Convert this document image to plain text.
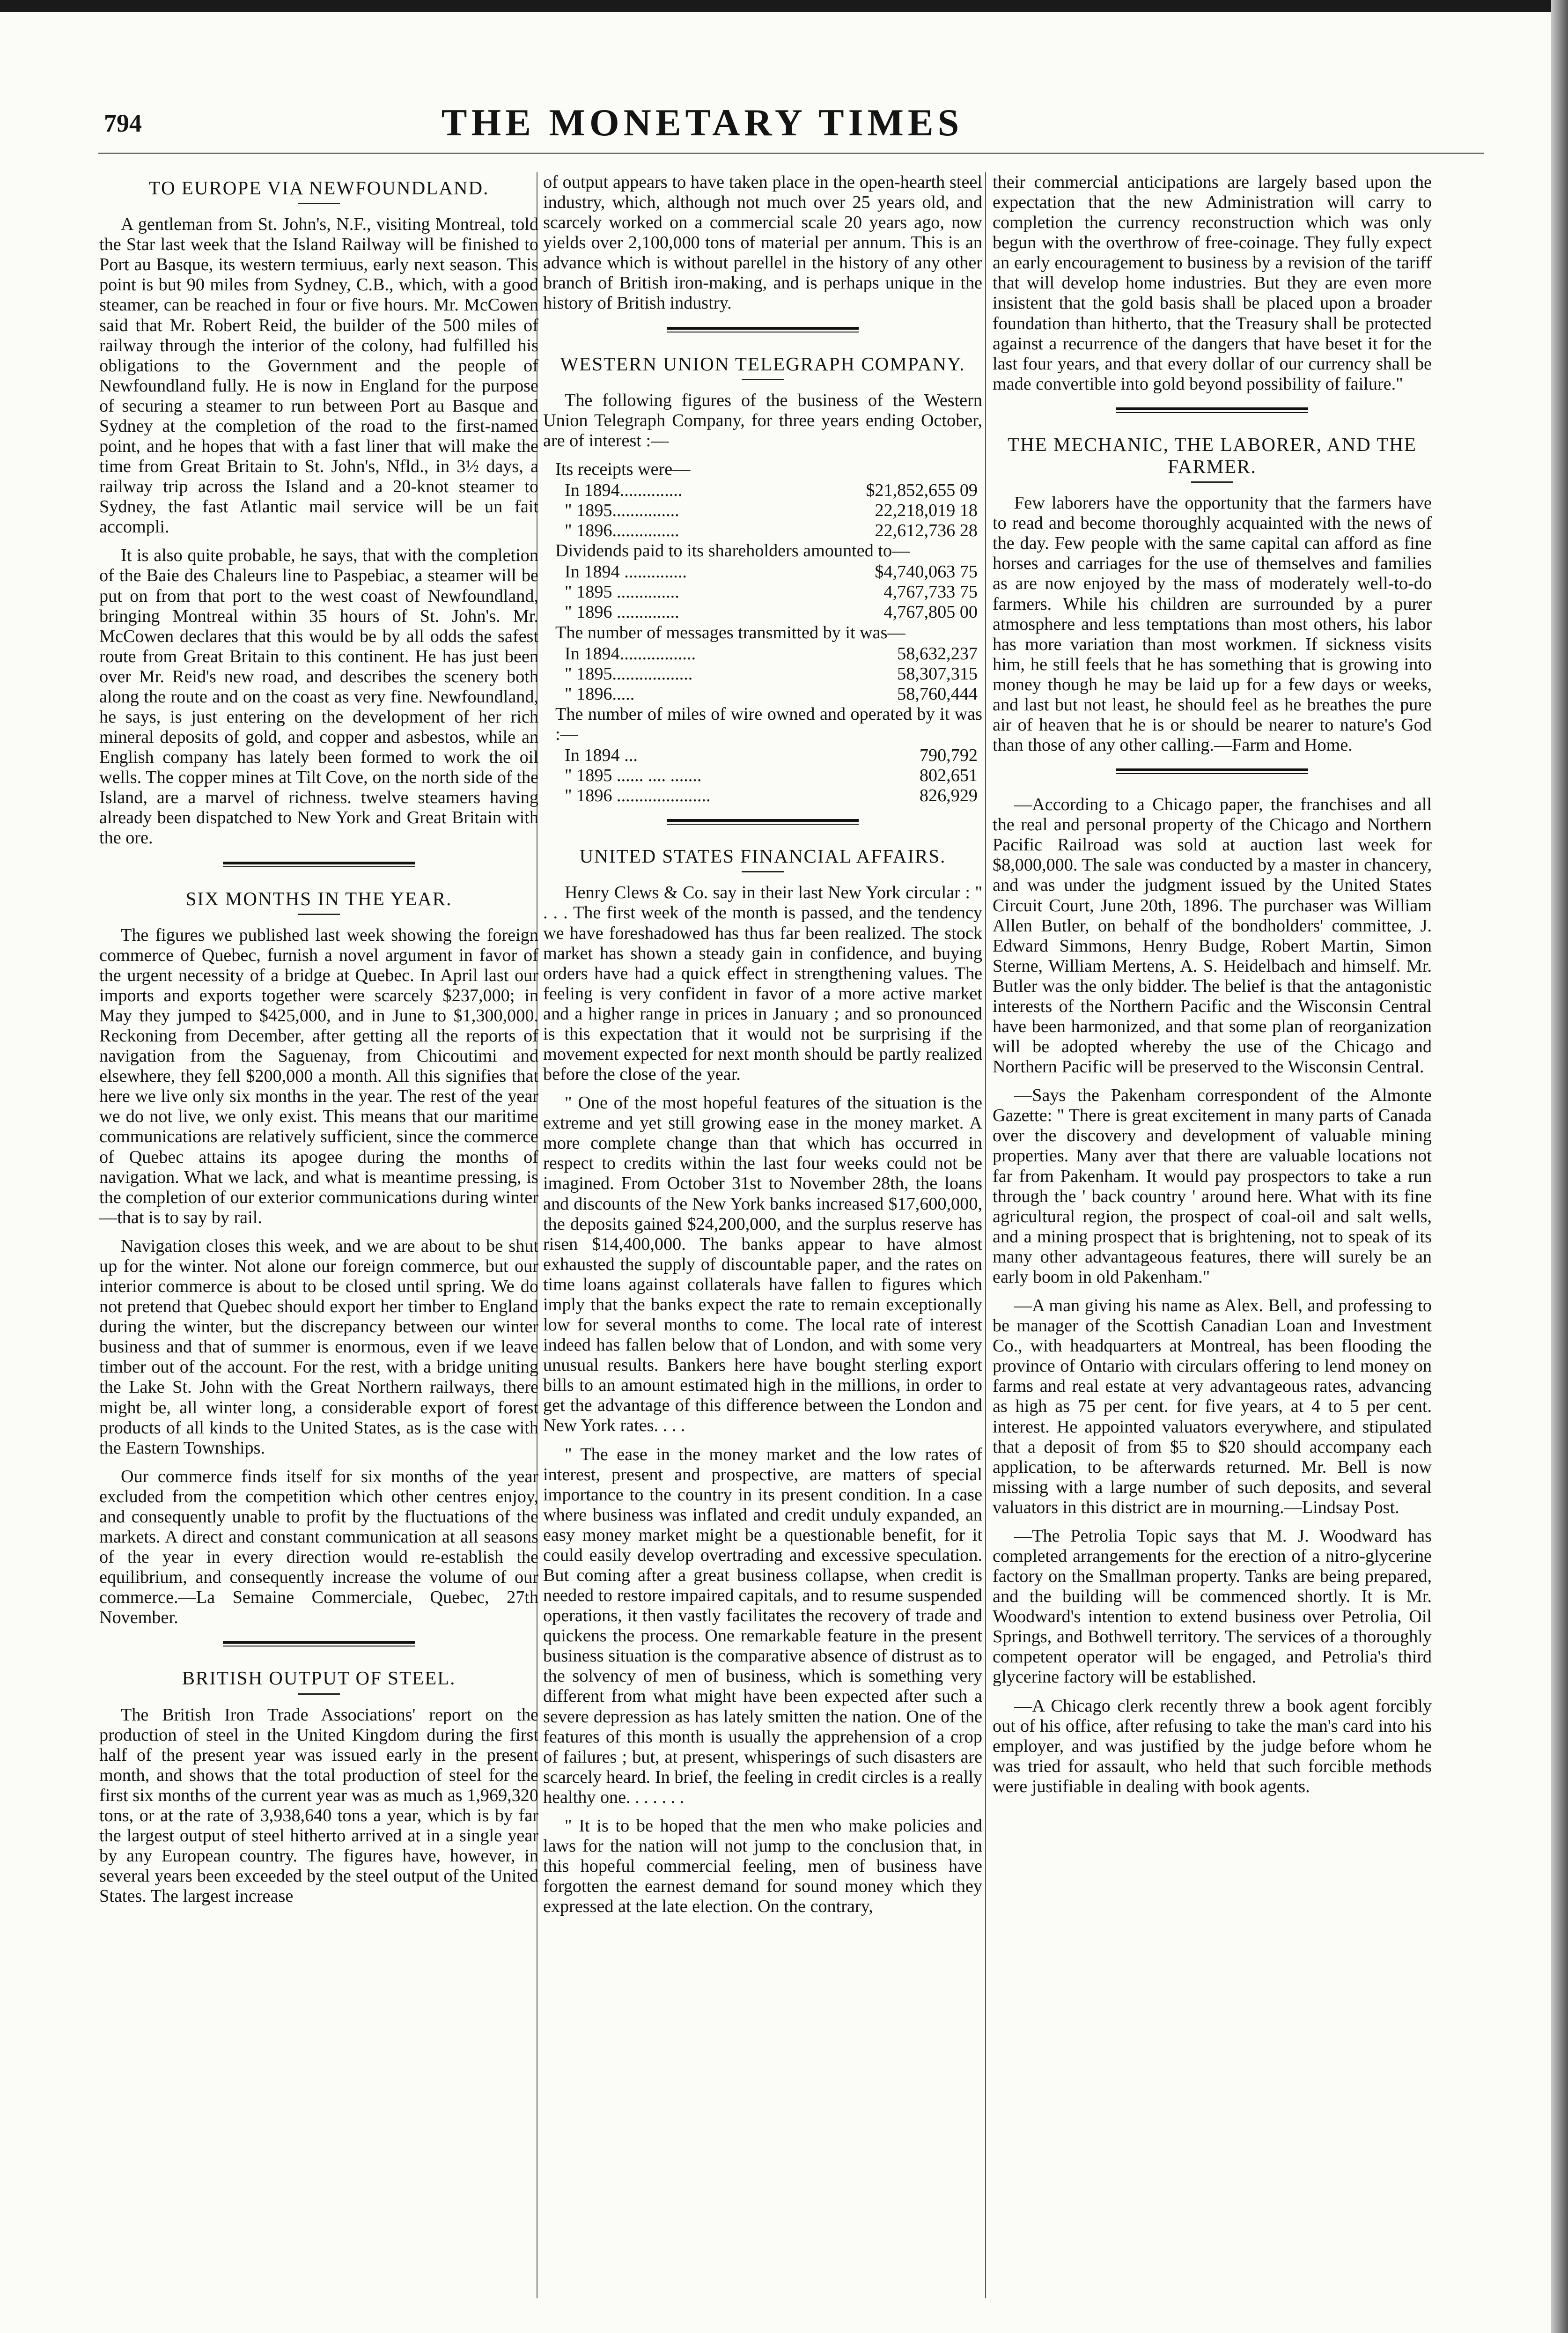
794	THE MONETARY TIMES
TO EUROPE VIA NEWFOUNDLAND.

A gentleman from St. John's, N.F., visiting Montreal, told the Star last week that the Island Railway will be finished to Port au Basque, its western termiuus, early next season. This point is but 90 miles from Sydney, C.B., which, with a good steamer, can be reached in four or five hours. Mr. McCowen said that Mr. Robert Reid, the builder of the 500 miles of railway through the interior of the colony, had fulfilled his obligations to the Government and the people of Newfoundland fully. He is now in England for the purpose of securing a steamer to run between Port au Basque and Sydney at the completion of the road to the first-named point, and he hopes that with a fast liner that will make the time from Great Britain to St. John's, Nfld., in 3½ days, a railway trip across the Island and a 20-knot steamer to Sydney, the fast Atlantic mail service will be un fait accompli.

It is also quite probable, he says, that with the completion of the Baie des Chaleurs line to Paspebiac, a steamer will be put on from that port to the west coast of Newfoundland, bringing Montreal within 35 hours of St. John's. Mr. McCowen declares that this would be by all odds the safest route from Great Britain to this continent. He has just been over Mr. Reid's new road, and describes the scenery both along the route and on the coast as very fine. Newfoundland, he says, is just entering on the development of her rich mineral deposits of gold, and copper and asbestos, while an English company has lately been formed to work the oil wells. The copper mines at Tilt Cove, on the north side of the Island, are a marvel of richness. twelve steamers having already been dispatched to New York and Great Britain with the ore.

SIX MONTHS IN THE YEAR.

The figures we published last week showing the foreign commerce of Quebec, furnish a novel argument in favor of the urgent necessity of a bridge at Quebec. In April last our imports and exports together were scarcely $237,000; in May they jumped to $425,000, and in June to $1,300,000. Reckoning from December, after getting all the reports of navigation from the Saguenay, from Chicoutimi and elsewhere, they fell $200,000 a month. All this signifies that here we live only six months in the year. The rest of the year we do not live, we only exist. This means that our maritime communications are relatively sufficient, since the commerce of Quebec attains its apogee during the months of navigation. What we lack, and what is meantime pressing, is the completion of our exterior communications during winter—that is to say by rail.

Navigation closes this week, and we are about to be shut up for the winter. Not alone our foreign commerce, but our interior commerce is about to be closed until spring. We do not pretend that Quebec should export her timber to England during the winter, but the discrepancy between our winter business and that of summer is enormous, even if we leave timber out of the account. For the rest, with a bridge uniting the Lake St. John with the Great Northern railways, there might be, all winter long, a considerable export of forest products of all kinds to the United States, as is the case with the Eastern Townships.

Our commerce finds itself for six months of the year excluded from the competition which other centres enjoy, and consequently unable to profit by the fluctuations of the markets. A direct and constant communication at all seasons of the year in every direction would re-establish the equilibrium, and consequently increase the volume of our commerce.—La Semaine Commerciale, Quebec, 27th November.

BRITISH OUTPUT OF STEEL.

The British Iron Trade Associations' report on the production of steel in the United Kingdom during the first half of the present year was issued early in the present month, and shows that the total production of steel for the first six months of the current year was as much as 1,969,320 tons, or at the rate of 3,938,640 tons a year, which is by far the largest output of steel hitherto arrived at in a single year by any European country. The figures have, however, in several years been exceeded by the steel output of the United States. The largest increase

of output appears to have taken place in the open-hearth steel industry, which, although not much over 25 years old, and scarcely worked on a commercial scale 20 years ago, now yields over 2,100,000 tons of material per annum. This is an advance which is without parellel in the history of any other branch of British iron-making, and is perhaps unique in the history of British industry.

WESTERN UNION TELEGRAPH COMPANY.

The following figures of the business of the Western Union Telegraph Company, for three years ending October, are of interest :—

Its receipts were—

In 1894..............	$21,852,655 09
" 1895...............	22,218,019 18
" 1896...............	22,612,736 28

Dividends paid to its shareholders amounted to—

In 1894 ..............	$4,740,063 75
" 1895 ..............	4,767,733 75
" 1896 ..............	4,767,805 00

The number of messages transmitted by it was—

In 1894.................	58,632,237
" 1895..................	58,307,315
" 1896.....	58,760,444

The number of miles of wire owned and operated by it was :—

In 1894 ...	790,792
" 1895 ...... .... .......	802,651
" 1896 .....................	826,929
UNITED STATES FINANCIAL AFFAIRS.

Henry Clews & Co. say in their last New York circular : " . . . The first week of the month is passed, and the tendency we have foreshadowed has thus far been realized. The stock market has shown a steady gain in confidence, and buying orders have had a quick effect in strengthening values. The feeling is very confident in favor of a more active market and a higher range in prices in January ; and so pronounced is this expectation that it would not be surprising if the movement expected for next month should be partly realized before the close of the year.

" One of the most hopeful features of the situation is the extreme and yet still growing ease in the money market. A more complete change than that which has occurred in respect to credits within the last four weeks could not be imagined. From October 31st to November 28th, the loans and discounts of the New York banks increased $17,600,000, the deposits gained $24,200,000, and the surplus reserve has risen $14,400,000. The banks appear to have almost exhausted the supply of discountable paper, and the rates on time loans against collaterals have fallen to figures which imply that the banks expect the rate to remain exceptionally low for several months to come. The local rate of interest indeed has fallen below that of London, and with some very unusual results. Bankers here have bought sterling export bills to an amount estimated high in the millions, in order to get the advantage of this difference between the London and New York rates. . . .

" The ease in the money market and the low rates of interest, present and prospective, are matters of special importance to the country in its present condition. In a case where business was inflated and credit unduly expanded, an easy money market might be a questionable benefit, for it could easily develop overtrading and excessive speculation. But coming after a great business collapse, when credit is needed to restore impaired capitals, and to resume suspended operations, it then vastly facilitates the recovery of trade and quickens the process. One remarkable feature in the present business situation is the comparative absence of distrust as to the solvency of men of business, which is something very different from what might have been expected after such a severe depression as has lately smitten the nation. One of the features of this month is usually the apprehension of a crop of failures ; but, at present, whisperings of such disasters are scarcely heard. In brief, the feeling in credit circles is a really healthy one. . . . . . .

" It is to be hoped that the men who make policies and laws for the nation will not jump to the conclusion that, in this hopeful commercial feeling, men of business have forgotten the earnest demand for sound money which they expressed at the late election. On the contrary,

their commercial anticipations are largely based upon the expectation that the new Administration will carry to completion the currency reconstruction which was only begun with the overthrow of free-coinage. They fully expect an early encouragement to business by a revision of the tariff that will develop home industries. But they are even more insistent that the gold basis shall be placed upon a broader foundation than hitherto, that the Treasury shall be protected against a recurrence of the dangers that have beset it for the last four years, and that every dollar of our currency shall be made convertible into gold beyond possibility of failure."

THE MECHANIC, THE LABORER, AND THE FARMER.

Few laborers have the opportunity that the farmers have to read and become thoroughly acquainted with the news of the day. Few people with the same capital can afford as fine horses and carriages for the use of themselves and families as are now enjoyed by the mass of moderately well-to-do farmers. While his children are surrounded by a purer atmosphere and less temptations than most others, his labor has more variation than most workmen. If sickness visits him, he still feels that he has something that is growing into money though he may be laid up for a few days or weeks, and last but not least, he should feel as he breathes the pure air of heaven that he is or should be nearer to nature's God than those of any other calling.—Farm and Home.

—According to a Chicago paper, the franchises and all the real and personal property of the Chicago and Northern Pacific Railroad was sold at auction last week for $8,000,000. The sale was conducted by a master in chancery, and was under the judgment issued by the United States Circuit Court, June 20th, 1896. The purchaser was William Allen Butler, on behalf of the bondholders' committee, J. Edward Simmons, Henry Budge, Robert Martin, Simon Sterne, William Mertens, A. S. Heidelbach and himself. Mr. Butler was the only bidder. The belief is that the antagonistic interests of the Northern Pacific and the Wisconsin Central have been harmonized, and that some plan of reorganization will be adopted whereby the use of the Chicago and Northern Pacific will be preserved to the Wisconsin Central.

—Says the Pakenham correspondent of the Almonte Gazette: " There is great excitement in many parts of Canada over the discovery and development of valuable mining properties. Many aver that there are valuable locations not far from Pakenham. It would pay prospectors to take a run through the ' back country ' around here. What with its fine agricultural region, the prospect of coal-oil and salt wells, and a mining prospect that is brightening, not to speak of its many other advantageous features, there will surely be an early boom in old Pakenham."

—A man giving his name as Alex. Bell, and professing to be manager of the Scottish Canadian Loan and Investment Co., with headquarters at Montreal, has been flooding the province of Ontario with circulars offering to lend money on farms and real estate at very advantageous rates, advancing as high as 75 per cent. for five years, at 4 to 5 per cent. interest. He appointed valuators everywhere, and stipulated that a deposit of from $5 to $20 should accompany each application, to be afterwards returned. Mr. Bell is now missing with a large number of such deposits, and several valuators in this district are in mourning.—Lindsay Post.

—The Petrolia Topic says that M. J. Woodward has completed arrangements for the erection of a nitro-glycerine factory on the Smallman property. Tanks are being prepared, and the building will be commenced shortly. It is Mr. Woodward's intention to extend business over Petrolia, Oil Springs, and Bothwell territory. The services of a thoroughly competent operator will be engaged, and Petrolia's third glycerine factory will be established.

—A Chicago clerk recently threw a book agent forcibly out of his office, after refusing to take the man's card into his employer, and was justified by the judge before whom he was tried for assault, who held that such forcible methods were justifiable in dealing with book agents.
